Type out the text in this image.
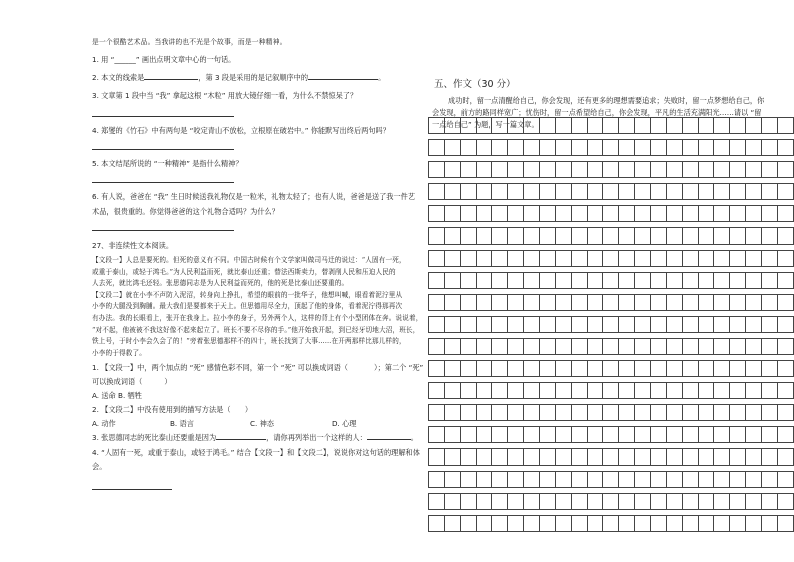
是一个很酷艺术品。当我讲的也不光是个故事，而是一种精神。

1. 用 “______” 画出点明文章中心的一句话。

2. 本文的线索是	，第 3 段是采用的是记叙顺序中的	。

3. 文章第 1 段中当 “我” 拿起这根 “木粒” 用放大镜仔细一看，为什么不禁惊呆了？

4. 郑燮的《竹石》中有两句是 “咬定青山不放松，立根原在破岩中。” 你能默写出终后两句吗？

5. 本文结尾所说的 “一种精神” 是指什么精神？

6. 有人说，爸爸在 “我” 生日时候送我礼物仅是一粒米，礼物太轻了；也有人说，爸爸是送了我一件艺

术品，很贵重的。你觉得爸爸的这个礼物合适吗？为什么？

27、非连续性文本阅读。

【文段一】人总是要死的。但死的意义有不同。中国古时候有个文学家叫做司马迁的说过：“人固有一死，

或重于泰山，或轻于鸿毛。”为人民利益而死，就比泰山还重；替法西斯卖力，替剥削人民和压迫人民的

人去死，就比鸿毛还轻。张思德同志是为人民利益而死的，他的死是比泰山还要重的。

【文段二】就在小李不声防入泥沼，转身向上挣扎，希望的眼前的一批华子，他想叫喊，眼看着泥泞里从

小李的大腿没到胸脯。最大我们是要都来于天上。但思德用尽全力，顶起了他的身体，看着泥泞得那再次

有办法。我的长眼看上，张开在我身上。拉小李的身子，另外两个人，这样的背上有个小型团体在奔。说说着，

“对不起，他被被不我这好像不起来起立了。班长不要不尽你的手。”他开始我开起，到已经牙切地大沼，班长，

铁上号，于时小李会久会了的！”旁着张思德那样不的四十，班长找到了大事……在开两那样比那儿样的，

小李的于得救了。

1. 【文段一】中，两个加点的 “死” 感情色彩不同，第一个 “死” 可以换成词语（	）；第二个 “死”

可以换成词语（	）

A. 送命 B. 牺牲

2. 【文段二】中没有使用到的描写方法是（　　）

A. 动作	B. 语言	C. 神态	D. 心理

3. 张思德同志的死比泰山还要重是因为	，请你再列举出一个这样的人：	。

4. “人固有一死，或重于泰山，或轻于鸿毛。” 结合【文段一】和【文段二】，说说你对这句话的理解和体

会。

五、作文（30 分）

成功时，留一点清醒给自己，你会发现，还有更多的理想需要追求；失败时，留一点梦想给自己，你

会发现，前方的路同样宽广；忧伤时，留一点希望给自己，你会发现，平凡的生活充满阳光……请以 “留

一点给自己” 为题，写一篇文章。
